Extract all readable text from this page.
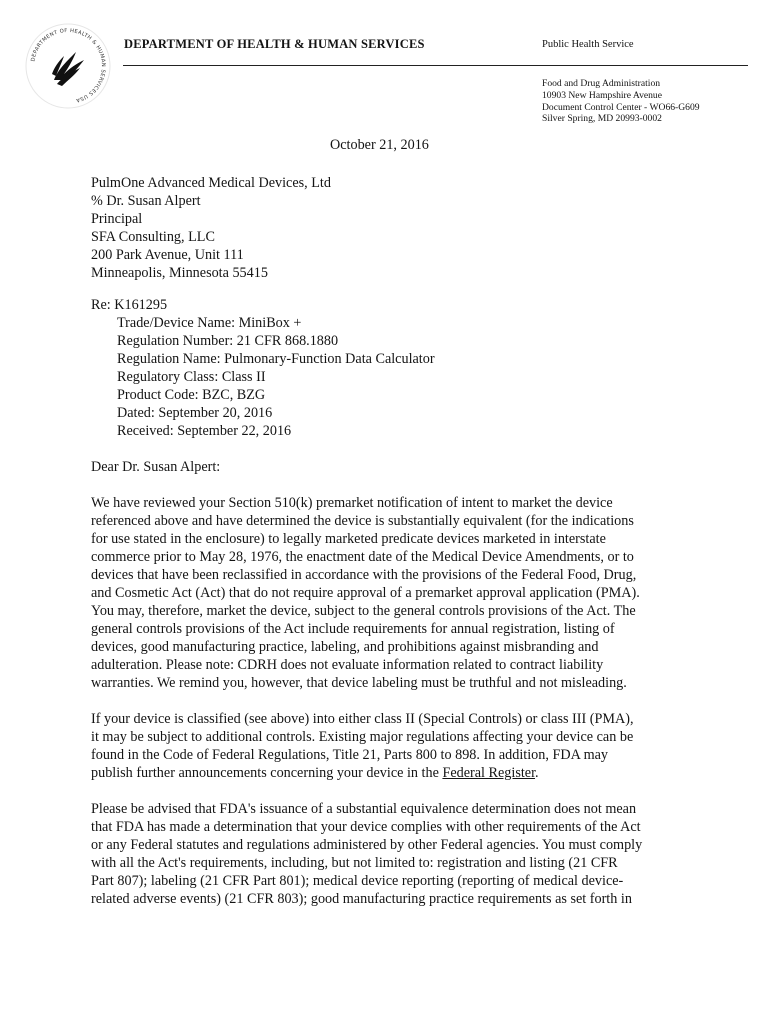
DEPARTMENT OF HEALTH & HUMAN SERVICES USA
DEPARTMENT OF HEALTH & HUMAN SERVICES	Public Health Service
Food and Drug Administration
10903 New Hampshire Avenue
Document Control Center - WO66-G609
Silver Spring, MD 20993-0002
October 21, 2016
PulmOne Advanced Medical Devices, Ltd
% Dr. Susan Alpert
Principal
SFA Consulting, LLC
200 Park Avenue, Unit 111
Minneapolis, Minnesota 55415
Re: K161295
Trade/Device Name: MiniBox +
Regulation Number: 21 CFR 868.1880
Regulation Name: Pulmonary-Function Data Calculator
Regulatory Class: Class II
Product Code: BZC, BZG
Dated: September 20, 2016
Received: September 22, 2016
Dear Dr. Susan Alpert:
We have reviewed your Section 510(k) premarket notification of intent to market the device
referenced above and have determined the device is substantially equivalent (for the indications
for use stated in the enclosure) to legally marketed predicate devices marketed in interstate
commerce prior to May 28, 1976, the enactment date of the Medical Device Amendments, or to
devices that have been reclassified in accordance with the provisions of the Federal Food, Drug,
and Cosmetic Act (Act) that do not require approval of a premarket approval application (PMA).
You may, therefore, market the device, subject to the general controls provisions of the Act. The
general controls provisions of the Act include requirements for annual registration, listing of
devices, good manufacturing practice, labeling, and prohibitions against misbranding and
adulteration. Please note: CDRH does not evaluate information related to contract liability
warranties. We remind you, however, that device labeling must be truthful and not misleading.
If your device is classified (see above) into either class II (Special Controls) or class III (PMA),
it may be subject to additional controls. Existing major regulations affecting your device can be
found in the Code of Federal Regulations, Title 21, Parts 800 to 898. In addition, FDA may
publish further announcements concerning your device in the Federal Register.
Please be advised that FDA's issuance of a substantial equivalence determination does not mean
that FDA has made a determination that your device complies with other requirements of the Act
or any Federal statutes and regulations administered by other Federal agencies. You must comply
with all the Act's requirements, including, but not limited to: registration and listing (21 CFR
Part 807); labeling (21 CFR Part 801); medical device reporting (reporting of medical device-
related adverse events) (21 CFR 803); good manufacturing practice requirements as set forth in
